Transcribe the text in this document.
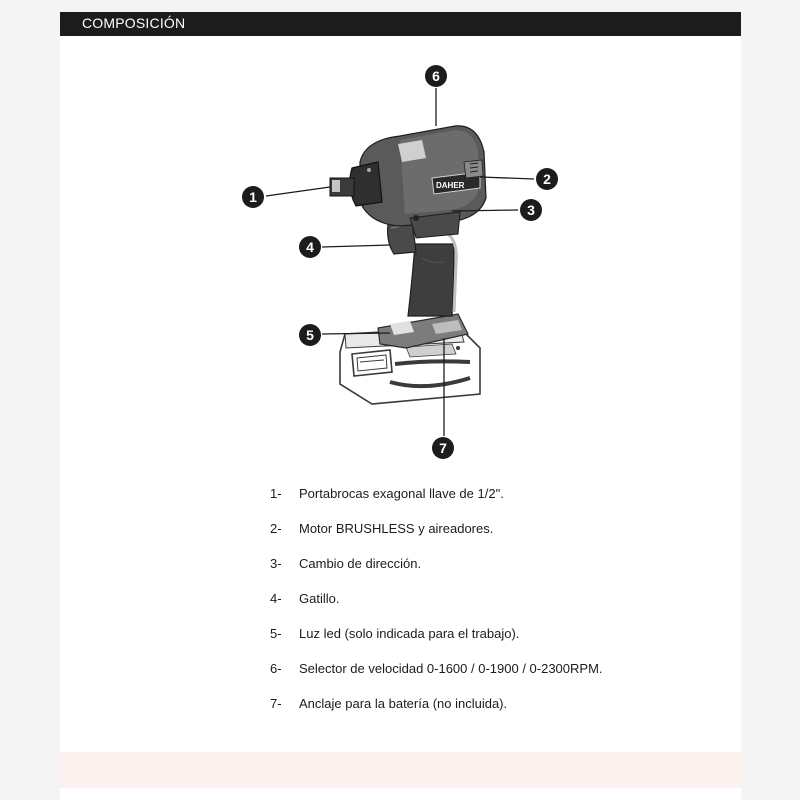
COMPOSICIÓN
DAHER
1
2
3
4
5
6
7
1-	Portabrocas exagonal llave de 1/2".
2-	Motor BRUSHLESS y aireadores.
3-	Cambio de dirección.
4-	Gatillo.
5-	Luz led (solo indicada para el trabajo).
6-	Selector de velocidad 0-1600 / 0-1900 / 0-2300RPM.
7-	Anclaje para la batería (no incluida).
